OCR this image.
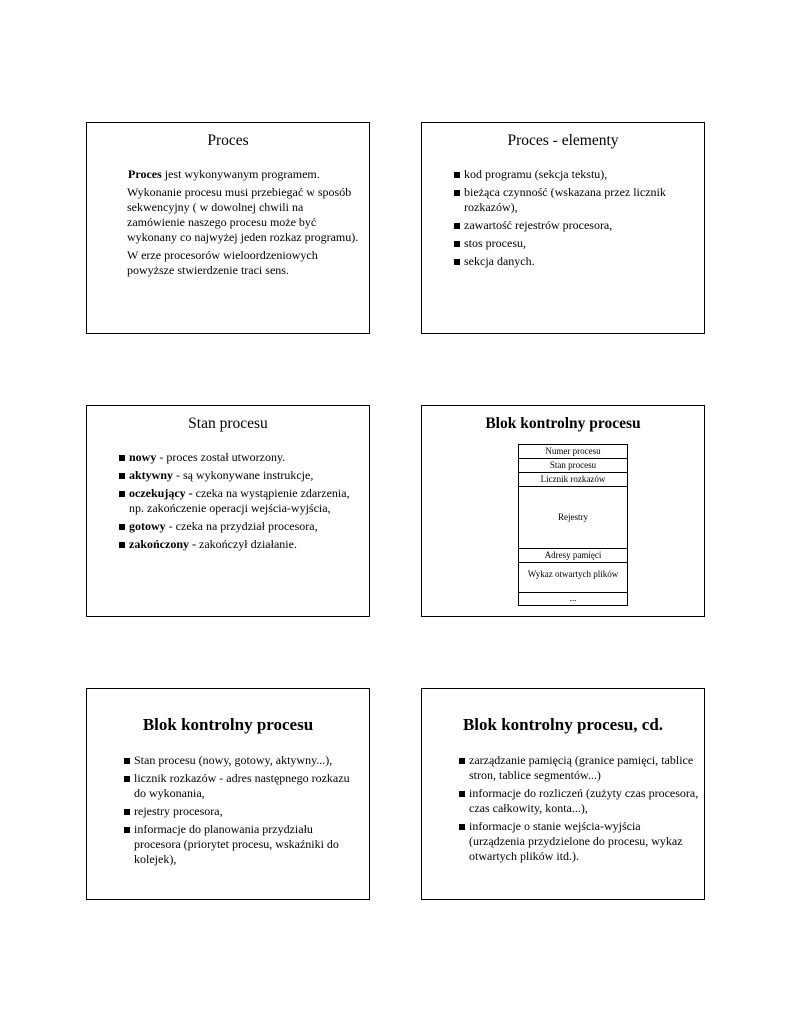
Proces

Proces jest wykonywanym programem.

Wykonanie procesu musi przebiegać w sposób sekwencyjny ( w dowolnej chwili na zamówienie naszego procesu może być wykonany co najwyżej jeden rozkaz programu).

W erze procesorów wieloordzeniowych powyższe stwierdzenie traci sens.

Proces - elementy
kod programu (sekcja tekstu),
bieżąca czynność (wskazana przez licznik rozkazów),
zawartość rejestrów procesora,
stos procesu,
sekcja danych.
Stan procesu
nowy - proces został utworzony.
aktywny - są wykonywane instrukcje,
oczekujący - czeka na wystąpienie zdarzenia, np. zakończenie operacji wejścia-wyjścia,
gotowy - czeka na przydział procesora,
zakończony - zakończył działanie.
Blok kontrolny procesu
Numer procesu
Stan procesu
Licznik rozkazów
Rejestry
Adresy pamięci
Wykaz otwartych plików
...
Blok kontrolny procesu
Stan procesu (nowy, gotowy, aktywny...),
licznik rozkazów - adres następnego rozkazu do wykonania,
rejestry procesora,
informacje do planowania przydziału procesora (priorytet procesu, wskaźniki do kolejek),
Blok kontrolny procesu, cd.
zarządzanie pamięcią (granice pamięci, tablice stron, tablice segmentów...)
informacje do rozliczeń (zużyty czas procesora, czas całkowity, konta...),
informacje o stanie wejścia-wyjścia (urządzenia przydzielone do procesu, wykaz otwartych plików itd.).
